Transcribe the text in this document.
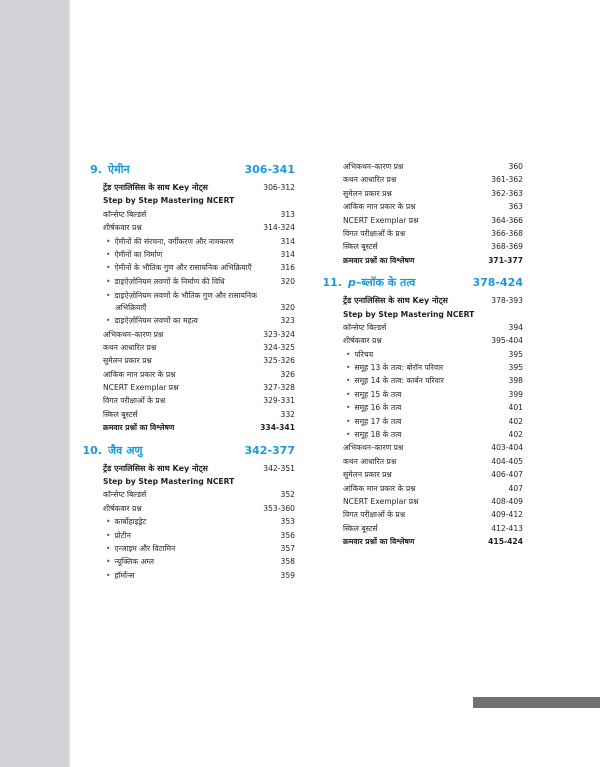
9. ऐमीन	306-341
ट्रेंड एनालिसिस के साथ Key नोट्स	306-312
Step by Step Mastering NCERT
कॉन्सेप्ट बिल्डर्स	313
शीर्षकवार प्रश्न	314-324
• ऐमीनों की संरचना, वर्गीकरण और नामकरण	314
• ऐमीनों का निर्माण	314
• ऐमीनों के भौतिक गुण और रासायनिक अभिक्रियाएँ	316
• डाइऐज़ोनियम लवणों के निर्माण की विधि	320
• डाइऐज़ोनियम लवणों के भौतिक गुण और रासायनिक अभिक्रियाएँ	320
• डाइऐज़ोनियम लवणों का महत्व	323
अभिकथन–कारण प्रश्न	323-324
कथन आधारित प्रश्न	324-325
सुमेलन प्रकार प्रश्न	325-326
आंकिक मान प्रकार के प्रश्न	326
NCERT Exemplar प्रश्न	327-328
विगत परीक्षाओं के प्रश्न	329-331
स्किल बूस्टर्स	332
क्रमवार प्रश्नों का विश्लेषण	334-341
10. जैव अणु	342-377
ट्रेंड एनालिसिस के साथ Key नोट्स	342-351
Step by Step Mastering NCERT
कॉन्सेप्ट बिल्डर्स	352
शीर्षकवार प्रश्न	353-360
• कार्बोहाइड्रेट	353
• प्रोटीन	356
• एन्जाइम और विटामिन	357
• न्यूक्लिक अम्ल	358
• हॉर्मोन्स	359
अभिकथन–कारण प्रश्न	360
कथन आधारित प्रश्न	361-362
सुमेलन प्रकार प्रश्न	362-363
आंकिक मान प्रकार के प्रश्न	363
NCERT Exemplar प्रश्न	364-366
विगत परीक्षाओं के प्रश्न	366-368
स्किल बूस्टर्स	368-369
क्रमवार प्रश्नों का विश्लेषण	371-377
11. p–ब्लॉक के तत्व	378-424
ट्रेंड एनालिसिस के साथ Key नोट्स	378-393
Step by Step Mastering NCERT
कॉन्सेप्ट बिल्डर्स	394
शीर्षकवार प्रश्न	395-404
• परिचय	395
• समूह 13 के तत्व: बोरॉन परिवार	395
• समूह 14 के तत्व: कार्बन परिवार	398
• समूह 15 के तत्व	399
• समूह 16 के तत्व	401
• समूह 17 के तत्व	402
• समूह 18 के तत्व	402
अभिकथन–कारण प्रश्न	403-404
कथन आधारित प्रश्न	404-405
सुमेलन प्रकार प्रश्न	406-407
आंकिक मान प्रकार के प्रश्न	407
NCERT Exemplar प्रश्न	408-409
विगत परीक्षाओं के प्रश्न	409-412
स्किल बूस्टर्स	412-413
क्रमवार प्रश्नों का विश्लेषण	415-424
